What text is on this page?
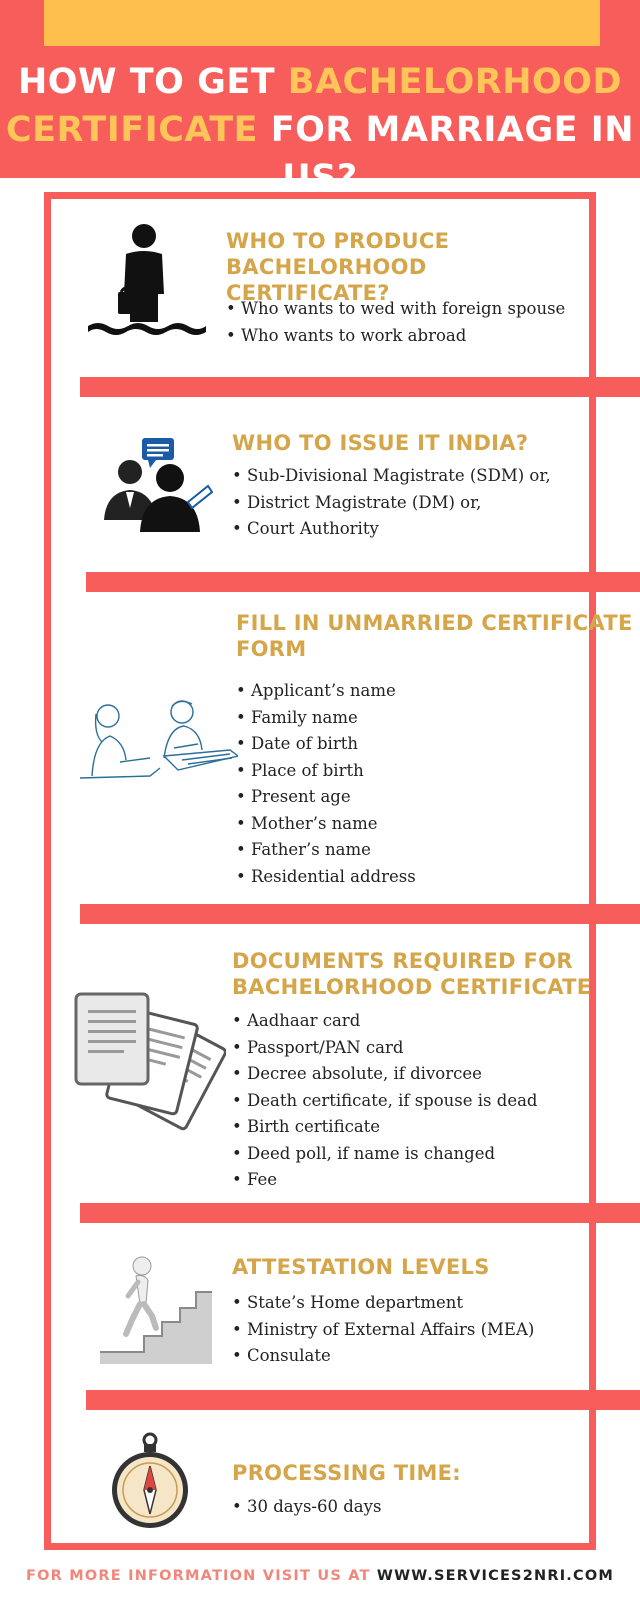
HOW TO GET BACHELORHOOD
CERTIFICATE FOR MARRIAGE IN US?
WHO TO PRODUCE BACHELORHOOD
CERTIFICATE?
• Who wants to wed with foreign spouse
• Who wants to work abroad
WHO TO ISSUE IT INDIA?
• Sub-Divisional Magistrate (SDM) or,
• District Magistrate (DM) or,
• Court Authority
FILL IN UNMARRIED CERTIFICATE
FORM
• Applicant’s name
• Family name
• Date of birth
• Place of birth
• Present age
• Mother’s name
• Father’s name
• Residential address
DOCUMENTS REQUIRED FOR
BACHELORHOOD CERTIFICATE
• Aadhaar card
• Passport/PAN card
• Decree absolute, if divorcee
• Death certificate, if spouse is dead
• Birth certificate
• Deed poll, if name is changed
• Fee
ATTESTATION LEVELS
• State’s Home department
• Ministry of External Affairs (MEA)
• Consulate
PROCESSING TIME:
• 30 days-60 days
FOR MORE INFORMATION VISIT US AT WWW.SERVICES2NRI.COM
